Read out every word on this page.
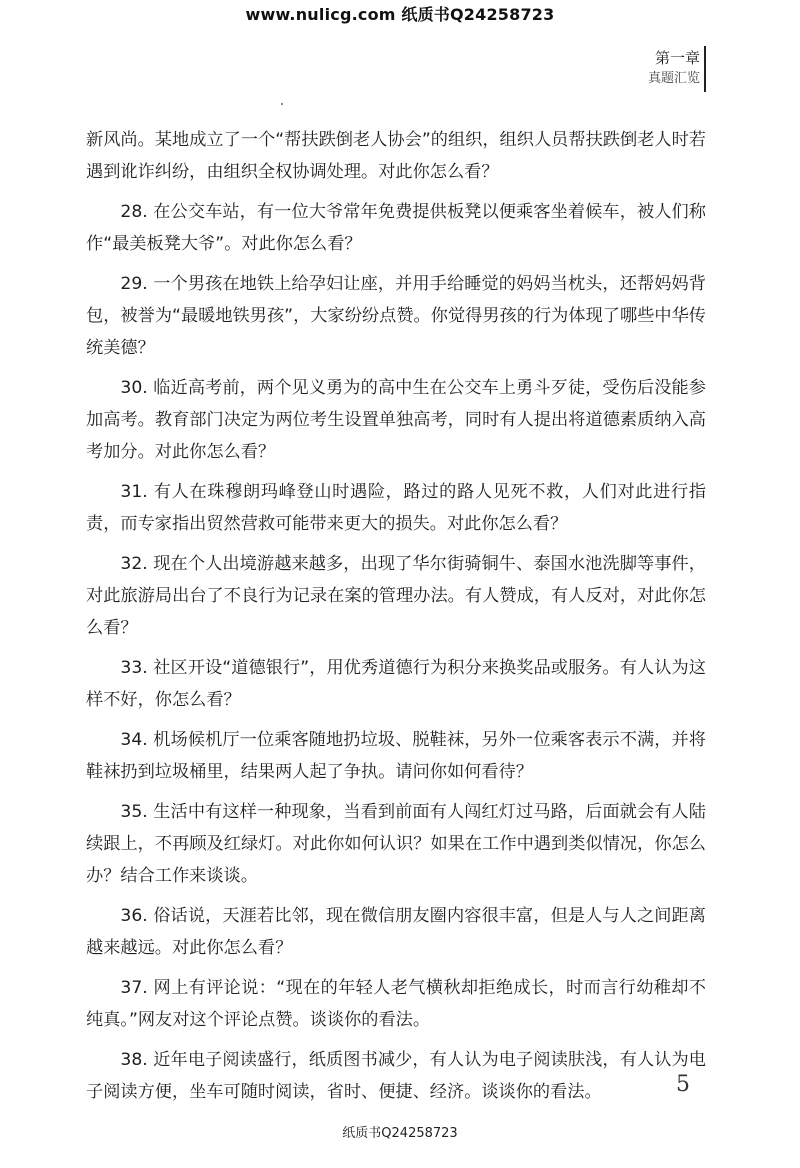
www.nulicg.com 纸质书Q24258723
第一章
真题汇览

新风尚。某地成立了一个“帮扶跌倒老人协会”的组织，组织人员帮扶跌倒老人时若遇到讹诈纠纷，由组织全权协调处理。对此你怎么看？

28. 在公交车站，有一位大爷常年免费提供板凳以便乘客坐着候车，被人们称作“最美板凳大爷”。对此你怎么看？

29. 一个男孩在地铁上给孕妇让座，并用手给睡觉的妈妈当枕头，还帮妈妈背包，被誉为“最暖地铁男孩”，大家纷纷点赞。你觉得男孩的行为体现了哪些中华传统美德？

30. 临近高考前，两个见义勇为的高中生在公交车上勇斗歹徒，受伤后没能参加高考。教育部门决定为两位考生设置单独高考，同时有人提出将道德素质纳入高考加分。对此你怎么看？

31. 有人在珠穆朗玛峰登山时遇险，路过的路人见死不救，人们对此进行指责，而专家指出贸然营救可能带来更大的损失。对此你怎么看？

32. 现在个人出境游越来越多，出现了华尔街骑铜牛、泰国水池洗脚等事件，对此旅游局出台了不良行为记录在案的管理办法。有人赞成，有人反对，对此你怎么看？

33. 社区开设“道德银行”，用优秀道德行为积分来换奖品或服务。有人认为这样不好，你怎么看？

34. 机场候机厅一位乘客随地扔垃圾、脱鞋袜，另外一位乘客表示不满，并将鞋袜扔到垃圾桶里，结果两人起了争执。请问你如何看待？

35. 生活中有这样一种现象，当看到前面有人闯红灯过马路，后面就会有人陆续跟上，不再顾及红绿灯。对此你如何认识？如果在工作中遇到类似情况，你怎么办？结合工作来谈谈。

36. 俗话说，天涯若比邻，现在微信朋友圈内容很丰富，但是人与人之间距离越来越远。对此你怎么看？

37. 网上有评论说：“现在的年轻人老气横秋却拒绝成长，时而言行幼稚却不纯真。”网友对这个评论点赞。谈谈你的看法。

38. 近年电子阅读盛行，纸质图书减少，有人认为电子阅读肤浅，有人认为电子阅读方便，坐车可随时阅读，省时、便捷、经济。谈谈你的看法。	5
纸质书Q24258723
